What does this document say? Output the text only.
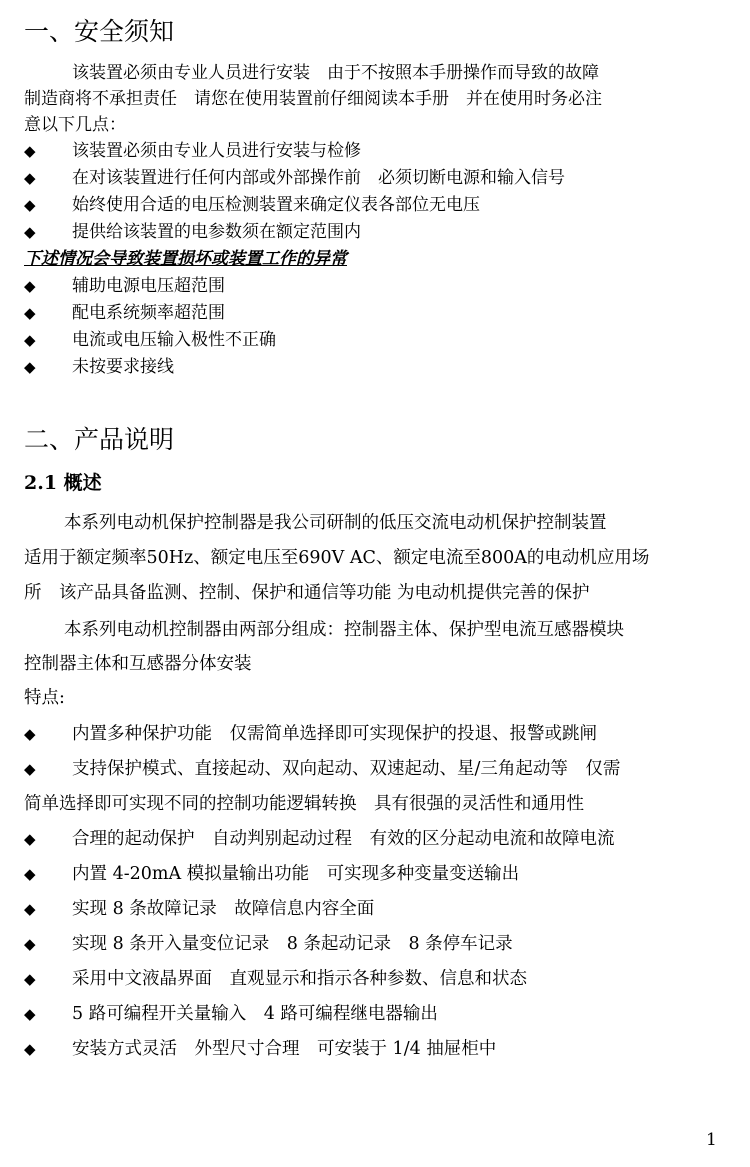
一、安全须知
该装置必须由专业人员进行安装　由于不按照本手册操作而导致的故障
制造商将不承担责任　请您在使用装置前仔细阅读本手册　并在使用时务必注
意以下几点：
◆ 该装置必须由专业人员进行安装与检修
◆ 在对该装置进行任何内部或外部操作前　必须切断电源和输入信号
◆ 始终使用合适的电压检测装置来确定仪表各部位无电压
◆ 提供给该装置的电参数须在额定范围内
下述情况会导致装置损坏或装置工作的异常
◆ 辅助电源电压超范围
◆ 配电系统频率超范围
◆ 电流或电压输入极性不正确
◆ 未按要求接线
二、产品说明
2.1 概述
本系列电动机保护控制器是我公司研制的低压交流电动机保护控制装置
适用于额定频率50Hz、额定电压至690V AC、额定电流至800A的电动机应用场
所　该产品具备监测、控制、保护和通信等功能 为电动机提供完善的保护
本系列电动机控制器由两部分组成：控制器主体、保护型电流互感器模块
控制器主体和互感器分体安装
特点:
◆ 内置多种保护功能　仅需简单选择即可实现保护的投退、报警或跳闸
◆ 支持保护模式、直接起动、双向起动、双速起动、星/三角起动等　仅需
简单选择即可实现不同的控制功能逻辑转换　具有很强的灵活性和通用性
◆ 合理的起动保护　自动判别起动过程　有效的区分起动电流和故障电流
◆ 内置 4-20mA 模拟量输出功能　可实现多种变量变送输出
◆ 实现 8 条故障记录　故障信息内容全面
◆ 实现 8 条开入量变位记录　8 条起动记录　8 条停车记录
◆ 采用中文液晶界面　直观显示和指示各种参数、信息和状态
◆ 5 路可编程开关量输入　4 路可编程继电器输出
◆ 安装方式灵活　外型尺寸合理　可安装于 1/4 抽屉柜中
1
